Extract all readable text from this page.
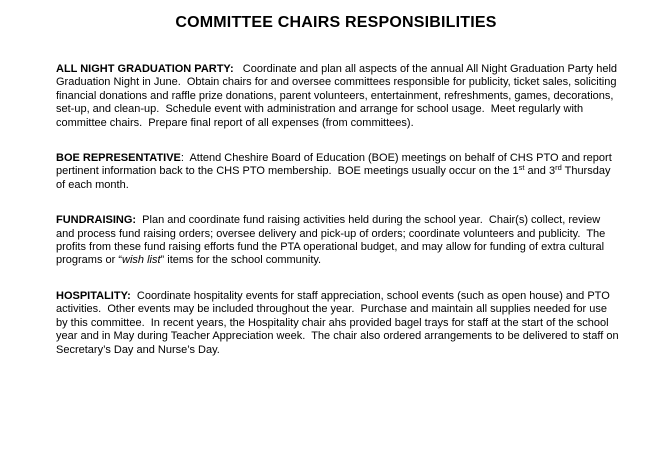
COMMITTEE CHAIRS RESPONSIBILITIES

ALL NIGHT GRADUATION PARTY:   Coordinate and plan all aspects of the annual All Night Graduation Party held Graduation Night in June.  Obtain chairs for and oversee committees responsible for publicity, ticket sales, soliciting financial donations and raffle prize donations, parent volunteers, entertainment, refreshments, games, decorations, set-up, and clean-up.  Schedule event with administration and arrange for school usage.  Meet regularly with committee chairs.  Prepare final report of all expenses (from committees).

BOE REPRESENTATIVE:  Attend Cheshire Board of Education (BOE) meetings on behalf of CHS PTO and report pertinent information back to the CHS PTO membership.  BOE meetings usually occur on the 1st and 3rd Thursday of each month.

FUNDRAISING:  Plan and coordinate fund raising activities held during the school year.  Chair(s) collect, review and process fund raising orders; oversee delivery and pick-up of orders; coordinate volunteers and publicity.  The profits from these fund raising efforts fund the PTA operational budget, and may allow for funding of extra cultural programs or “wish list” items for the school community.

HOSPITALITY:  Coordinate hospitality events for staff appreciation, school events (such as open house) and PTO activities.  Other events may be included throughout the year.  Purchase and maintain all supplies needed for use by this committee.  In recent years, the Hospitality chair ahs provided bagel trays for staff at the start of the school year and in May during Teacher Appreciation week.  The chair also ordered arrangements to be delivered to staff on Secretary’s Day and Nurse’s Day.
